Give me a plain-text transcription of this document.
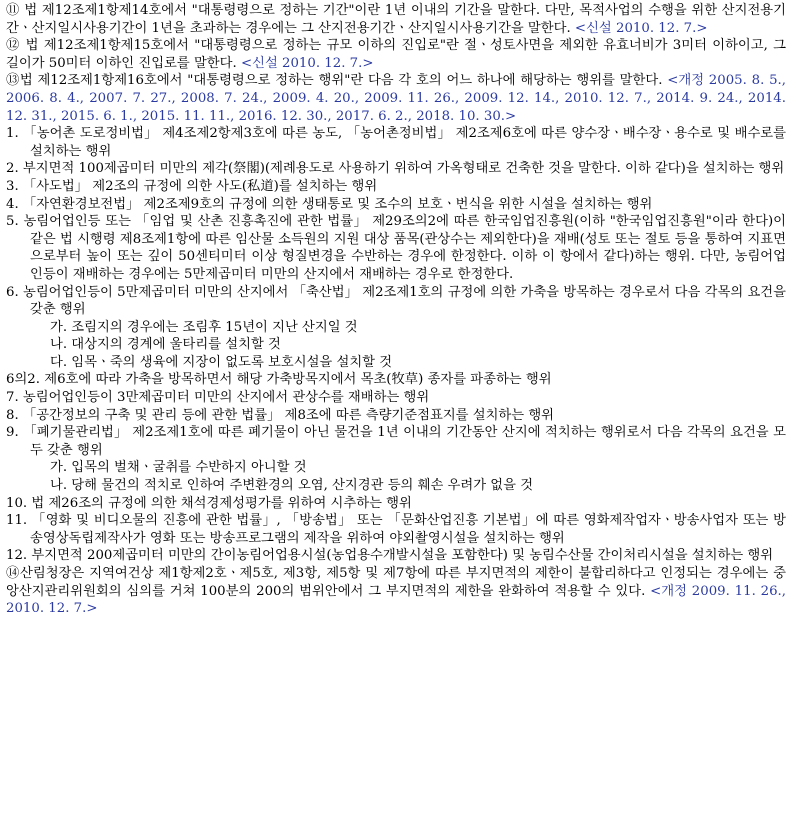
⑪ 법 제12조제1항제14호에서 "대통령령으로 정하는 기간"이란 1년 이내의 기간을 말한다. 다만, 목적사업의 수행을 위한 산지전용기간ㆍ산지일시사용기간이 1년을 초과하는 경우에는 그 산지전용기간ㆍ산지일시사용기간을 말한다. <신설 2010. 12. 7.>
⑫ 법 제12조제1항제15호에서 "대통령령으로 정하는 규모 이하의 진입로"란 절ㆍ성토사면을 제외한 유효너비가 3미터 이하이고, 그 길이가 50미터 이하인 진입로를 말한다. <신설 2010. 12. 7.>
⑬법 제12조제1항제16호에서 "대통령령으로 정하는 행위"란 다음 각 호의 어느 하나에 해당하는 행위를 말한다. <개정 2005. 8. 5., 2006. 8. 4., 2007. 7. 27., 2008. 7. 24., 2009. 4. 20., 2009. 11. 26., 2009. 12. 14., 2010. 12. 7., 2014. 9. 24., 2014. 12. 31., 2015. 6. 1., 2015. 11. 11., 2016. 12. 30., 2017. 6. 2., 2018. 10. 30.>
1. 「농어촌 도로정비법」 제4조제2항제3호에 따른 농도, 「농어촌정비법」 제2조제6호에 따른 양수장ㆍ배수장ㆍ용수로 및 배수로를 설치하는 행위
2. 부지면적 100제곱미터 미만의 제각(祭閣)(제례용도로 사용하기 위하여 가옥형태로 건축한 것을 말한다. 이하 같다)을 설치하는 행위
3. 「사도법」 제2조의 규정에 의한 사도(私道)를 설치하는 행위
4. 「자연환경보전법」 제2조제9호의 규정에 의한 생태통로 및 조수의 보호ㆍ번식을 위한 시설을 설치하는 행위
5. 농림어업인등 또는 「임업 및 산촌 진흥촉진에 관한 법률」 제29조의2에 따른 한국임업진흥원(이하 "한국임업진흥원"이라 한다)이 같은 법 시행령 제8조제1항에 따른 임산물 소득원의 지원 대상 품목(관상수는 제외한다)을 재배(성토 또는 절토 등을 통하여 지표면으로부터 높이 또는 깊이 50센티미터 이상 형질변경을 수반하는 경우에 한정한다. 이하 이 항에서 같다)하는 행위. 다만, 농림어업인등이 재배하는 경우에는 5만제곱미터 미만의 산지에서 재배하는 경우로 한정한다.
6. 농림어업인등이 5만제곱미터 미만의 산지에서 「축산법」 제2조제1호의 규정에 의한 가축을 방목하는 경우로서 다음 각목의 요건을 갖춘 행위
가. 조림지의 경우에는 조림후 15년이 지난 산지일 것
나. 대상지의 경계에 울타리를 설치할 것
다. 임목ㆍ죽의 생육에 지장이 없도록 보호시설을 설치할 것
6의2. 제6호에 따라 가축을 방목하면서 해당 가축방목지에서 목초(牧草) 종자를 파종하는 행위
7. 농림어업인등이 3만제곱미터 미만의 산지에서 관상수를 재배하는 행위
8. 「공간정보의 구축 및 관리 등에 관한 법률」 제8조에 따른 측량기준점표지를 설치하는 행위
9. 「폐기물관리법」 제2조제1호에 따른 폐기물이 아닌 물건을 1년 이내의 기간동안 산지에 적치하는 행위로서 다음 각목의 요건을 모두 갖춘 행위
가. 입목의 벌채ㆍ굴취를 수반하지 아니할 것
나. 당해 물건의 적치로 인하여 주변환경의 오염, 산지경관 등의 훼손 우려가 없을 것
10. 법 제26조의 규정에 의한 채석경제성평가를 위하여 시추하는 행위
11. 「영화 및 비디오물의 진흥에 관한 법률」, 「방송법」 또는 「문화산업진흥 기본법」에 따른 영화제작업자ㆍ방송사업자 또는 방송영상독립제작사가 영화 또는 방송프로그램의 제작을 위하여 야외촬영시설을 설치하는 행위
12. 부지면적 200제곱미터 미만의 간이농림어업용시설(농업용수개발시설을 포함한다) 및 농림수산물 간이처리시설을 설치하는 행위
⑭산림청장은 지역여건상 제1항제2호ㆍ제5호, 제3항, 제5항 및 제7항에 따른 부지면적의 제한이 불합리하다고 인정되는 경우에는 중앙산지관리위원회의 심의를 거쳐 100분의 200의 범위안에서 그 부지면적의 제한을 완화하여 적용할 수 있다. <개정 2009. 11. 26., 2010. 12. 7.>
